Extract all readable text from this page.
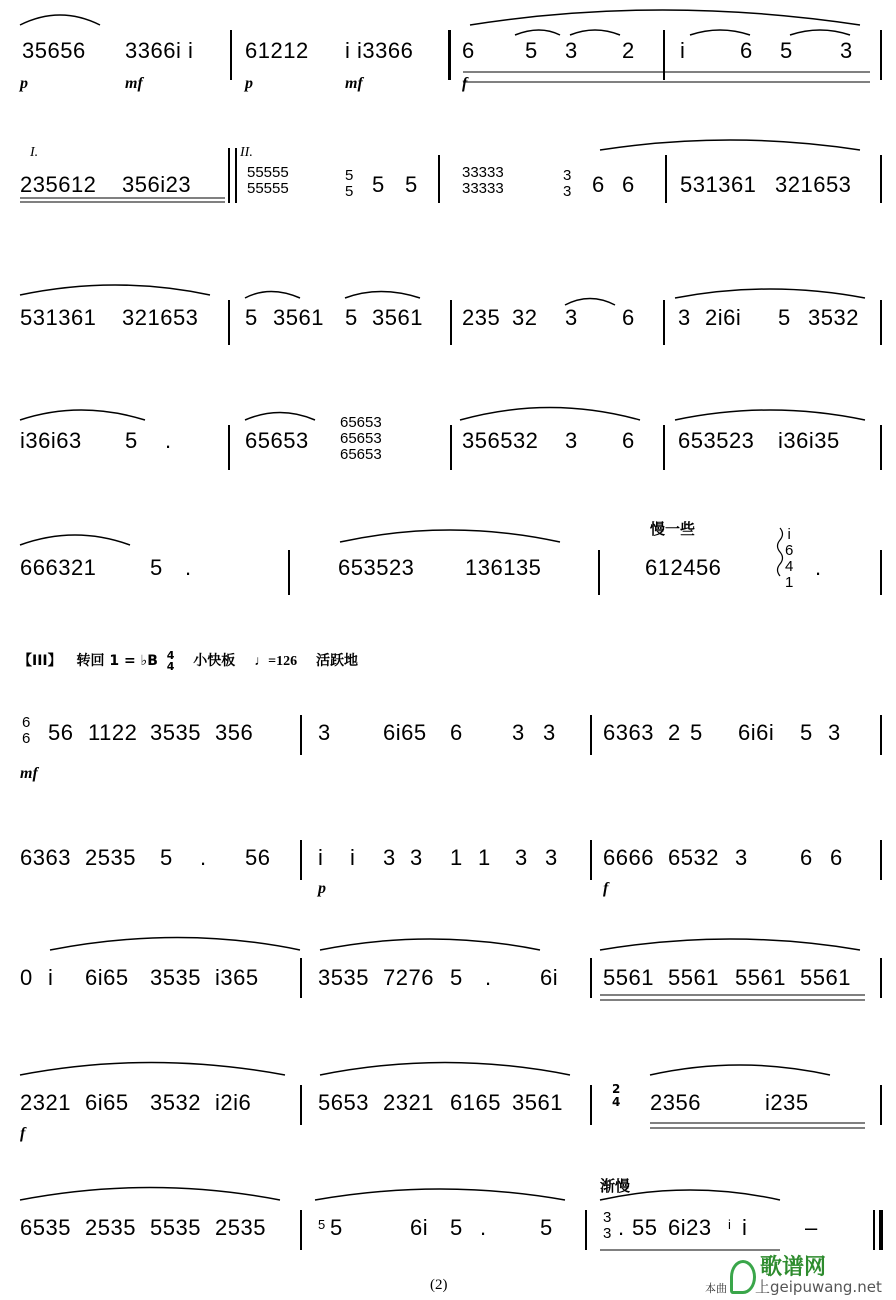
35656 3366i i 61212 i i3366 6 5 3 2 i 6 5 3
p	mf	p	mf	f
I.	II.
235612 356i23	55555
55555
5
5 5 5	33333
33333
3
3 6 6 531361 321653
531361 321653 5 3561 5 3561 235 32 3 6 3 2i6i 5 3532
i36i63 5 .	65653
65653
65653
65653
356532 3 6 653523 i36i35
慢一些
666321 5 .	653523 136135	612456
i
6
4
1
.
【III】 转回 1 = ♭B 4
4 小快板 ♩=126 活跃地
6
6 56 1122 3535 356
mf
3 6i65 6 3 3 6363 2 5 6i6i 5 3
6363 2535 5 . 56 i i 3 3 1 1 3 3
p
6666 6532 3 6 6
f
0 i 6i65 3535 i365	3535 7276 5 . 6i 5561 5561 5561 5561
2321 6i65 3532 i2i6
f
5653 2321 6165 3561
2
4 2356	i235
渐慢
6535 2535 5535 2535	5 5	6i 5 . 5	3
3 . 55 6i23 i i	–
(2)	本曲 上geipuwang.net
歌谱网
